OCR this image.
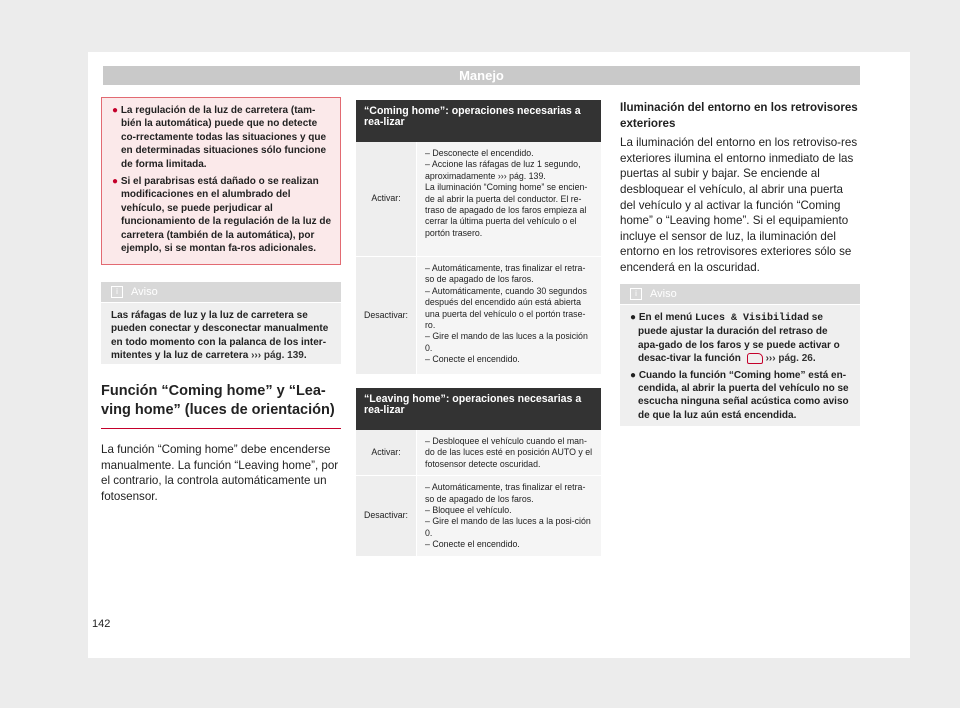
Manejo

● La regulación de la luz de carretera (tam-bién la automática) puede que no detecte co-rrectamente todas las situaciones y que en determinadas situaciones sólo funcione de forma limitada.

● Si el parabrisas está dañado o se realizan modificaciones en el alumbrado del vehículo, se puede perjudicar al funcionamiento de la regulación de la luz de carretera (también de la automática), por ejemplo, si se montan fa-ros adicionales.

i Aviso
Las ráfagas de luz y la luz de carretera se pueden conectar y desconectar manualmente en todo momento con la palanca de los inter-mitentes y la luz de carretera ››› pág. 139.
Función “Coming home” y “Lea-ving home” (luces de orientación)

La función “Coming home” debe encenderse manualmente. La función “Leaving home”, por el contrario, la controla automáticamente un fotosensor.

“Coming home”: operaciones necesarias a rea-lizar	
Activar:	– Desconecte el encendido.
– Accione las ráfagas de luz 1 segundo, aproximadamente ››› pág. 139.
La iluminación “Coming home” se encien-de al abrir la puerta del conductor. El re-traso de apagado de los faros empieza al cerrar la última puerta del vehículo o el portón trasero.

Desactivar:	– Automáticamente, tras finalizar el retra-so de apagado de los faros.
– Automáticamente, cuando 30 segundos después del encendido aún está abierta una puerta del vehículo o el portón trase-ro.
– Gire el mando de las luces a la posición 0.
– Conecte el encendido.
“Leaving home”: operaciones necesarias a rea-lizar	
Activar:	– Desbloquee el vehículo cuando el man-do de las luces esté en posición AUTO y el fotosensor detecte oscuridad.

Desactivar:	– Automáticamente, tras finalizar el retra-so de apagado de los faros.
– Bloquee el vehículo.
– Gire el mando de las luces a la posi-ción 0.
– Conecte el encendido.
Iluminación del entorno en los retrovisores exteriores

La iluminación del entorno en los retroviso-res exteriores ilumina el entorno inmediato de las puertas al subir y bajar. Se enciende al desbloquear el vehículo, al abrir una puerta del vehículo y al activar la función “Coming home” o “Leaving home”. Si el equipamiento incluye el sensor de luz, la iluminación del entorno en los retrovisores exteriores sólo se encenderá en la oscuridad.

i Aviso

● En el menú Luces & Visibilidad se puede ajustar la duración del retraso de apa-gado de los faros y se puede activar o desac-tivar la función ››› pág. 26.

● Cuando la función “Coming home” está en-cendida, al abrir la puerta del vehículo no se escucha ninguna señal acústica como aviso de que la luz aún está encendida.

142
